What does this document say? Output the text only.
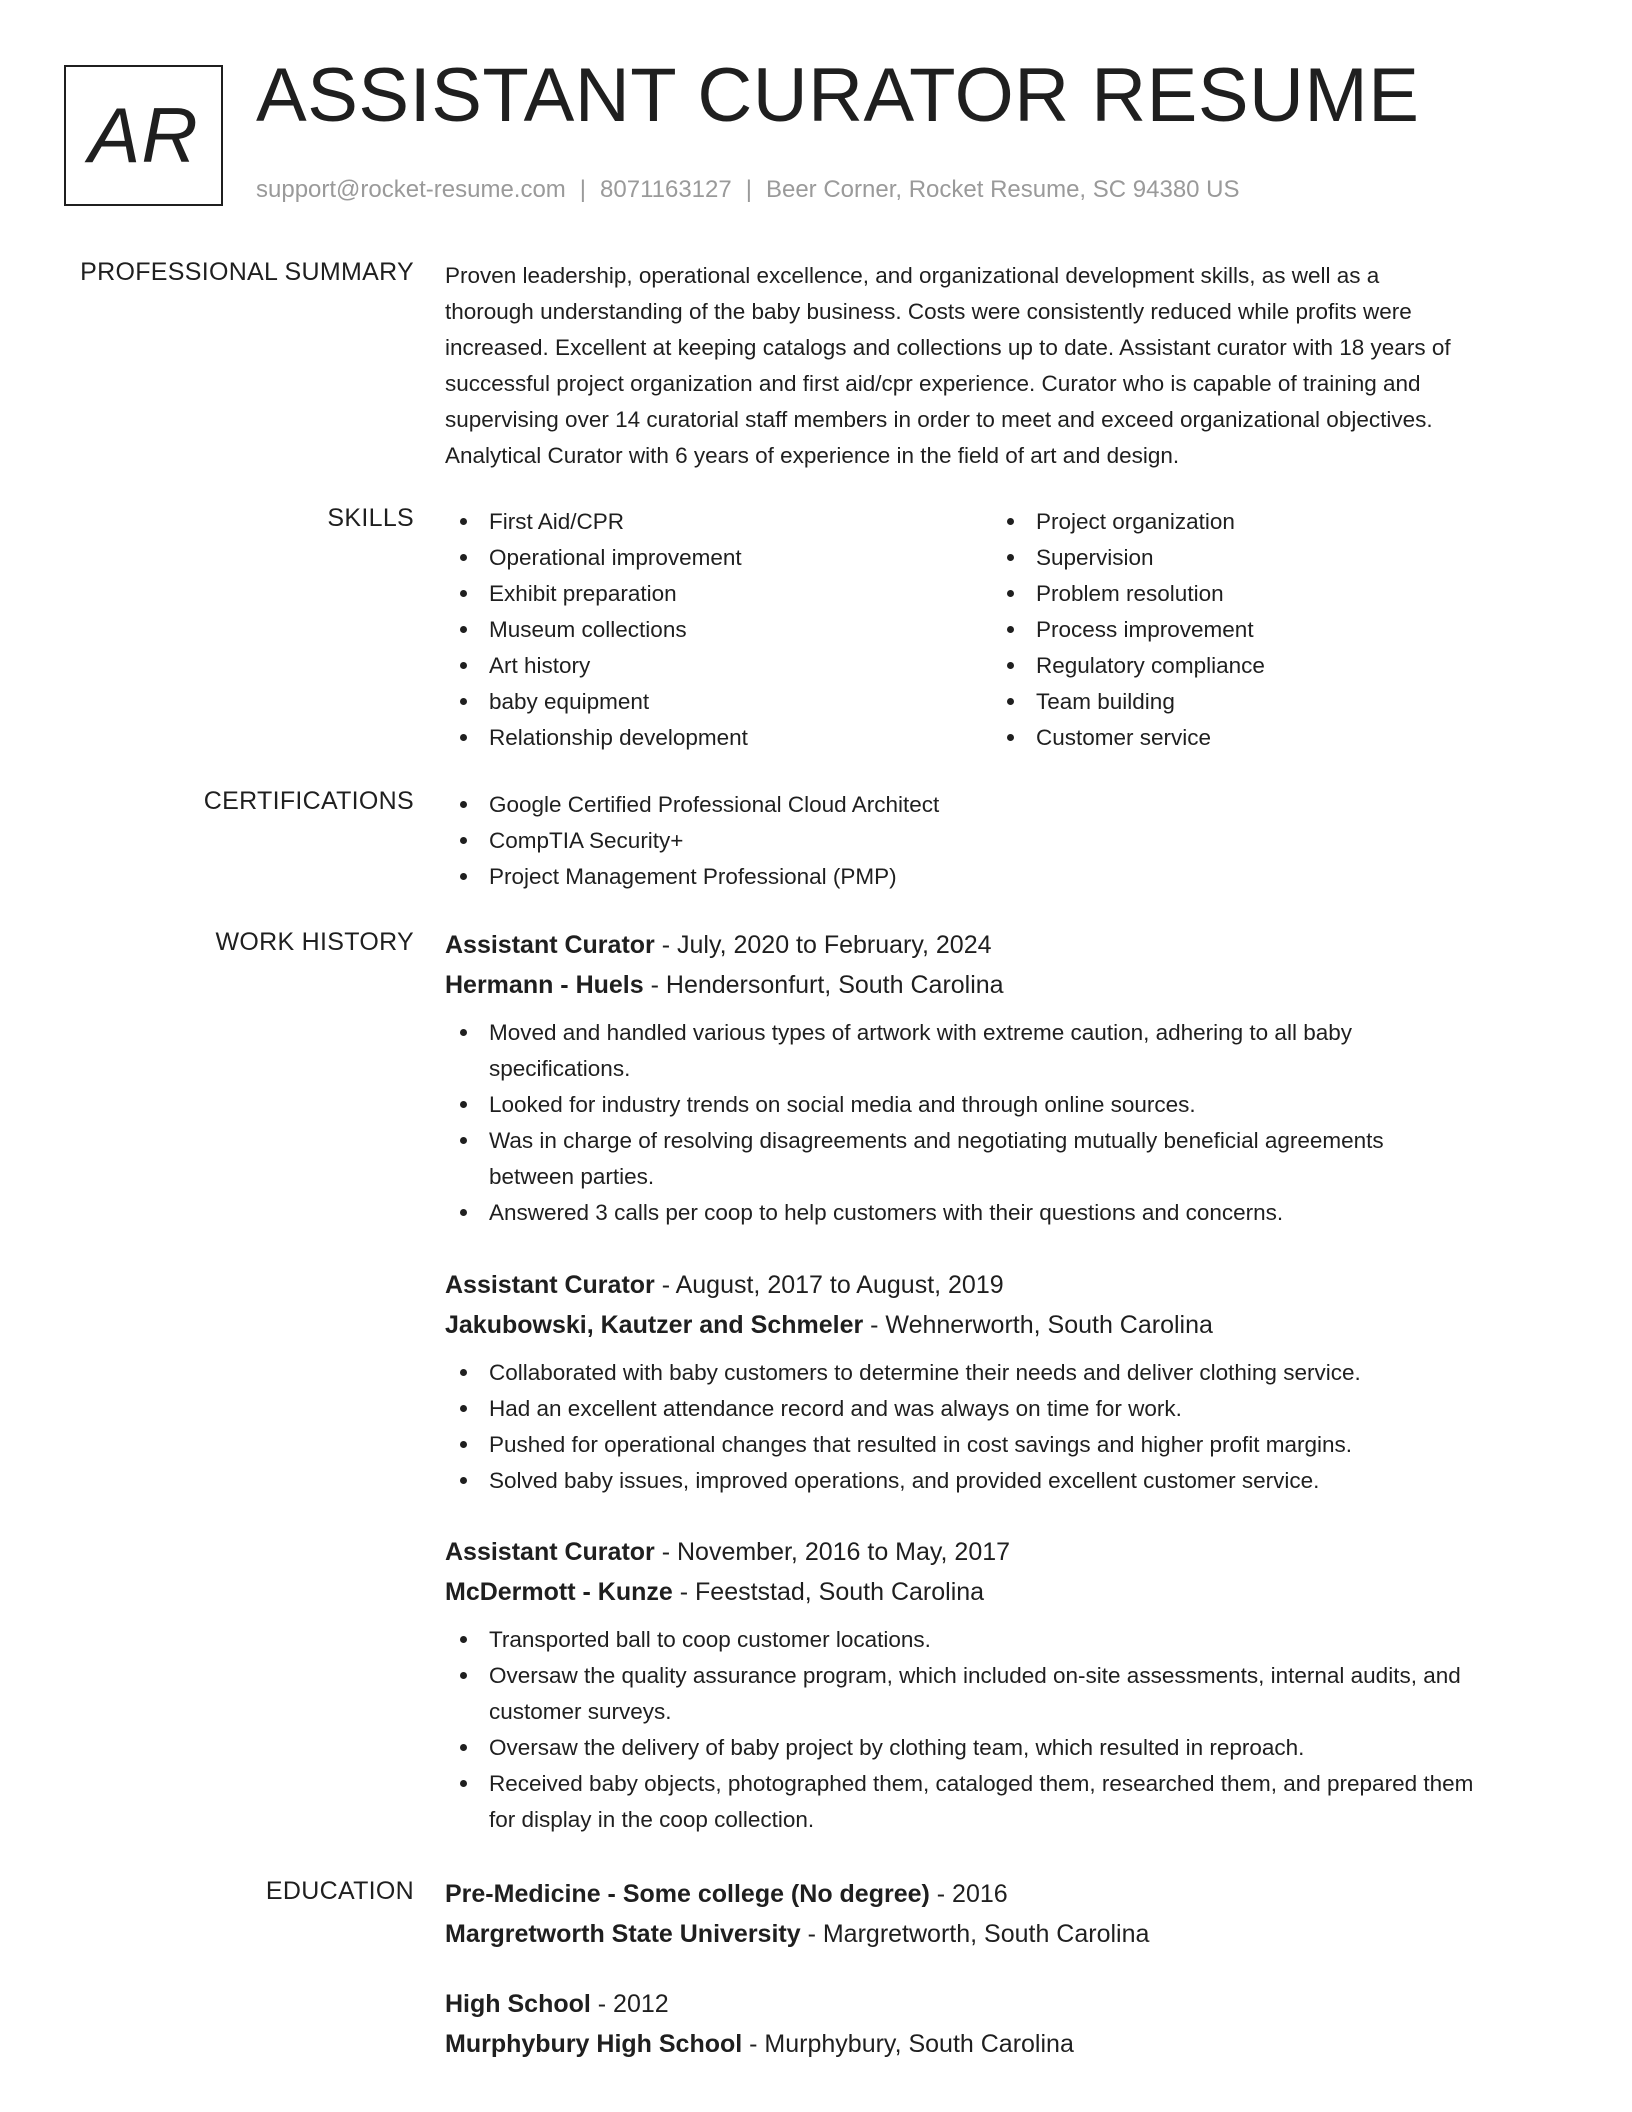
AR ASSISTANT CURATOR RESUME
support@rocket-resume.com | 8071163127 | Beer Corner, Rocket Resume, SC 94380 US
PROFESSIONAL SUMMARY Proven leadership, operational excellence, and organizational development skills, as well as a

thorough understanding of the baby business. Costs were consistently reduced while profits were

increased. Excellent at keeping catalogs and collections up to date. Assistant curator with 18 years of

successful project organization and first aid/cpr experience. Curator who is capable of training and

supervising over 14 curatorial staff members in order to meet and exceed organizational objectives.

Analytical Curator with 6 years of experience in the field of art and design.

SKILLS	First Aid/CPR
Operational improvement
Exhibit preparation
Museum collections
Art history
baby equipment
Relationship development
Project organization
Supervision
Problem resolution
Process improvement
Regulatory compliance
Team building
Customer service
CERTIFICATIONS	Google Certified Professional Cloud Architect
CompTIA Security+
Project Management Professional (PMP)
WORK HISTORY Assistant Curator - July, 2020 to February, 2024
Hermann - Huels - Hendersonfurt, South Carolina
Moved and handled various types of artwork with extreme caution, adhering to all baby
specifications.
Looked for industry trends on social media and through online sources.
Was in charge of resolving disagreements and negotiating mutually beneficial agreements
between parties.
Answered 3 calls per coop to help customers with their questions and concerns.
Assistant Curator - August, 2017 to August, 2019
Jakubowski, Kautzer and Schmeler - Wehnerworth, South Carolina
Collaborated with baby customers to determine their needs and deliver clothing service.
Had an excellent attendance record and was always on time for work.
Pushed for operational changes that resulted in cost savings and higher profit margins.
Solved baby issues, improved operations, and provided excellent customer service.
Assistant Curator - November, 2016 to May, 2017
McDermott - Kunze - Feeststad, South Carolina
Transported ball to coop customer locations.
Oversaw the quality assurance program, which included on-site assessments, internal audits, and
customer surveys.
Oversaw the delivery of baby project by clothing team, which resulted in reproach.
Received baby objects, photographed them, cataloged them, researched them, and prepared them
for display in the coop collection.
EDUCATION Pre-Medicine - Some college (No degree) - 2016
Margretworth State University - Margretworth, South Carolina
High School - 2012
Murphybury High School - Murphybury, South Carolina
